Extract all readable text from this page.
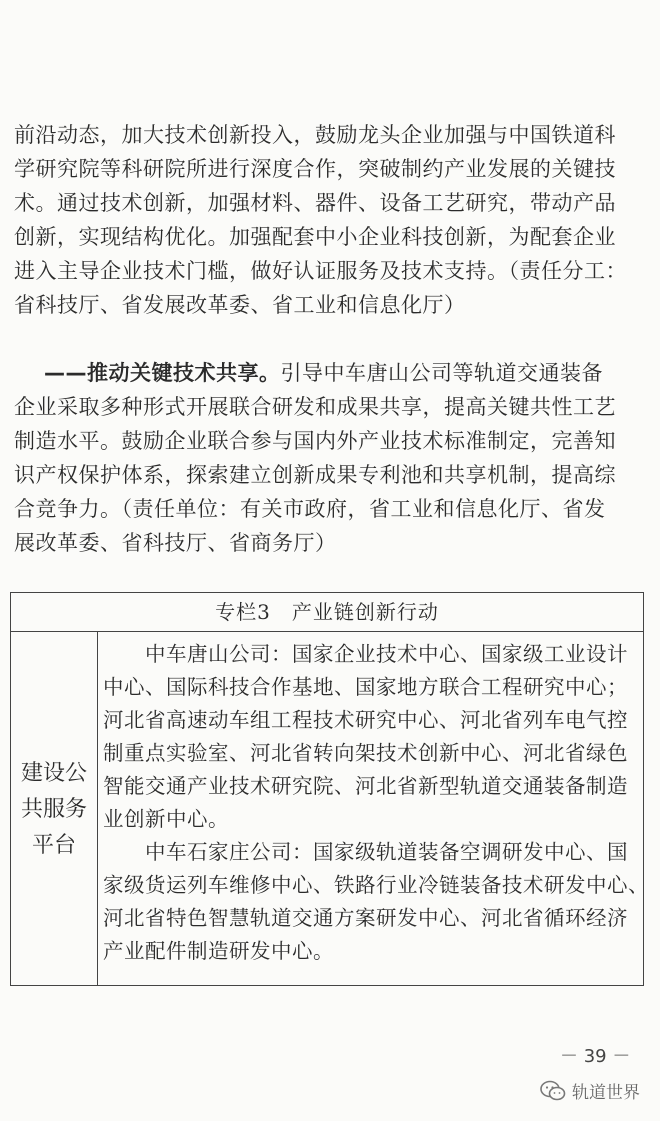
前沿动态，加大技术创新投入，鼓励龙头企业加强与中国铁道科
学研究院等科研院所进行深度合作，突破制约产业发展的关键技
术。通过技术创新，加强材料、器件、设备工艺研究，带动产品
创新，实现结构优化。加强配套中小企业科技创新，为配套企业
进入主导企业技术门槛，做好认证服务及技术支持。（责任分工：
省科技厅、省发展改革委、省工业和信息化厅）
——推动关键技术共享。引导中车唐山公司等轨道交通装备
企业采取多种形式开展联合研发和成果共享，提高关键共性工艺
制造水平。鼓励企业联合参与国内外产业技术标准制定，完善知
识产权保护体系，探索建立创新成果专利池和共享机制，提高综
合竞争力。（责任单位：有关市政府，省工业和信息化厅、省发
展改革委、省科技厅、省商务厅）
专栏3　产业链创新行动
建设公
共服务
平台
　　中车唐山公司：国家企业技术中心、国家级工业设计
中心、国际科技合作基地、国家地方联合工程研究中心；
河北省高速动车组工程技术研究中心、河北省列车电气控
制重点实验室、河北省转向架技术创新中心、河北省绿色
智能交通产业技术研究院、河北省新型轨道交通装备制造
业创新中心。
　　中车石家庄公司：国家级轨道装备空调研发中心、国
家级货运列车维修中心、铁路行业冷链装备技术研发中心、
河北省特色智慧轨道交通方案研发中心、河北省循环经济
产业配件制造研发中心。
－ 39 －
轨道世界
